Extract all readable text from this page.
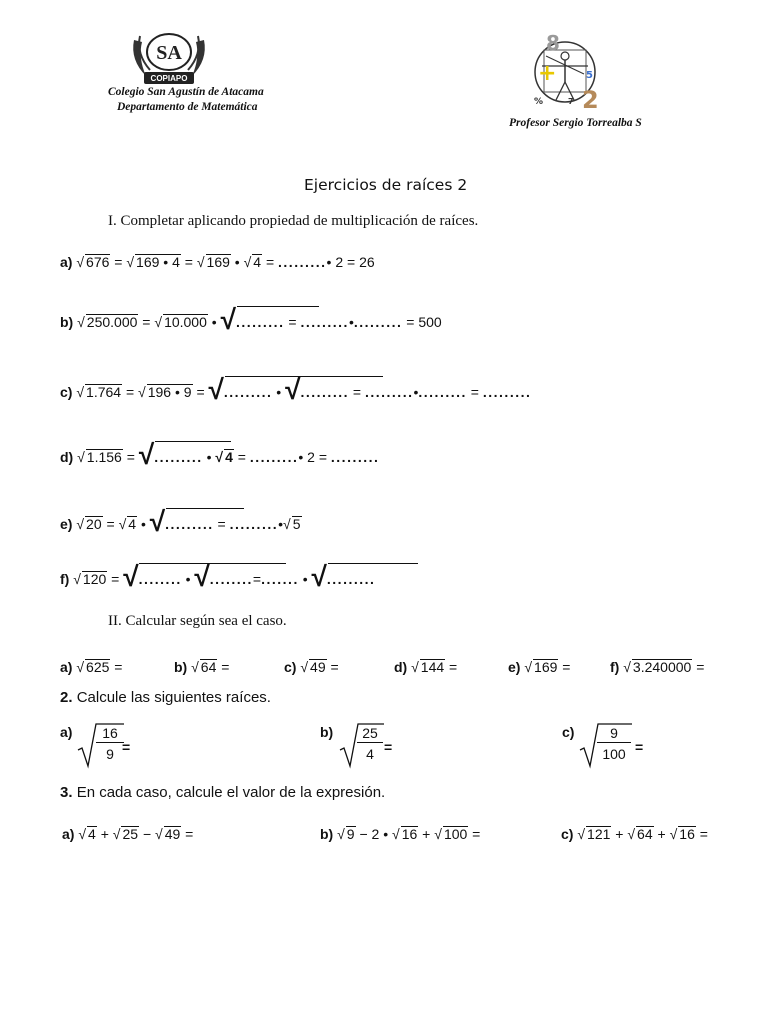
SA
COPIAPO
Colegio San Agustín de Atacama
Departamento de Matemática
8
+	5
%	7 2
Profesor Sergio Torrealba S
Ejercicios de raíces 2
I. Completar aplicando propiedad de multiplicación de raíces.
a) √ 676 = √ 169 • 4 = √ 169 • √ 4 = .........• 2 = 26
b) √ 250.000 = √ 10.000 • √
......... = .........•......... = 500
c) √ 1.764 = √ 196 • 9 = √
......... • √
......... = .........•......... = .........
d) √ 1.156 = √
......... • √ 4 = .........• 2 = .........
e) √ 20 = √ 4 • √
......... = .........•√ 5
f) √ 120 = √
........ • √
........=....... • √
.........
II. Calcular según sea el caso.
a) √ 625 =	b) √ 64 =	c) √ 49 =	d) √ 144 =	e) √ 169 =	f) √ 3.240000 =
2. Calcule las siguientes raíces.
$a) \frac{16}{9}$
=
$b) \frac{25}{4}$ =
$c) \frac{9}{100}$ =
3. En cada caso, calcule el valor de la expresión.
a) √ 4 + √ 25 − √ 49 =	b) √ 9 − 2 • √ 16 + √ 100 =	c) √ 121 + √ 64 + √ 16 =
